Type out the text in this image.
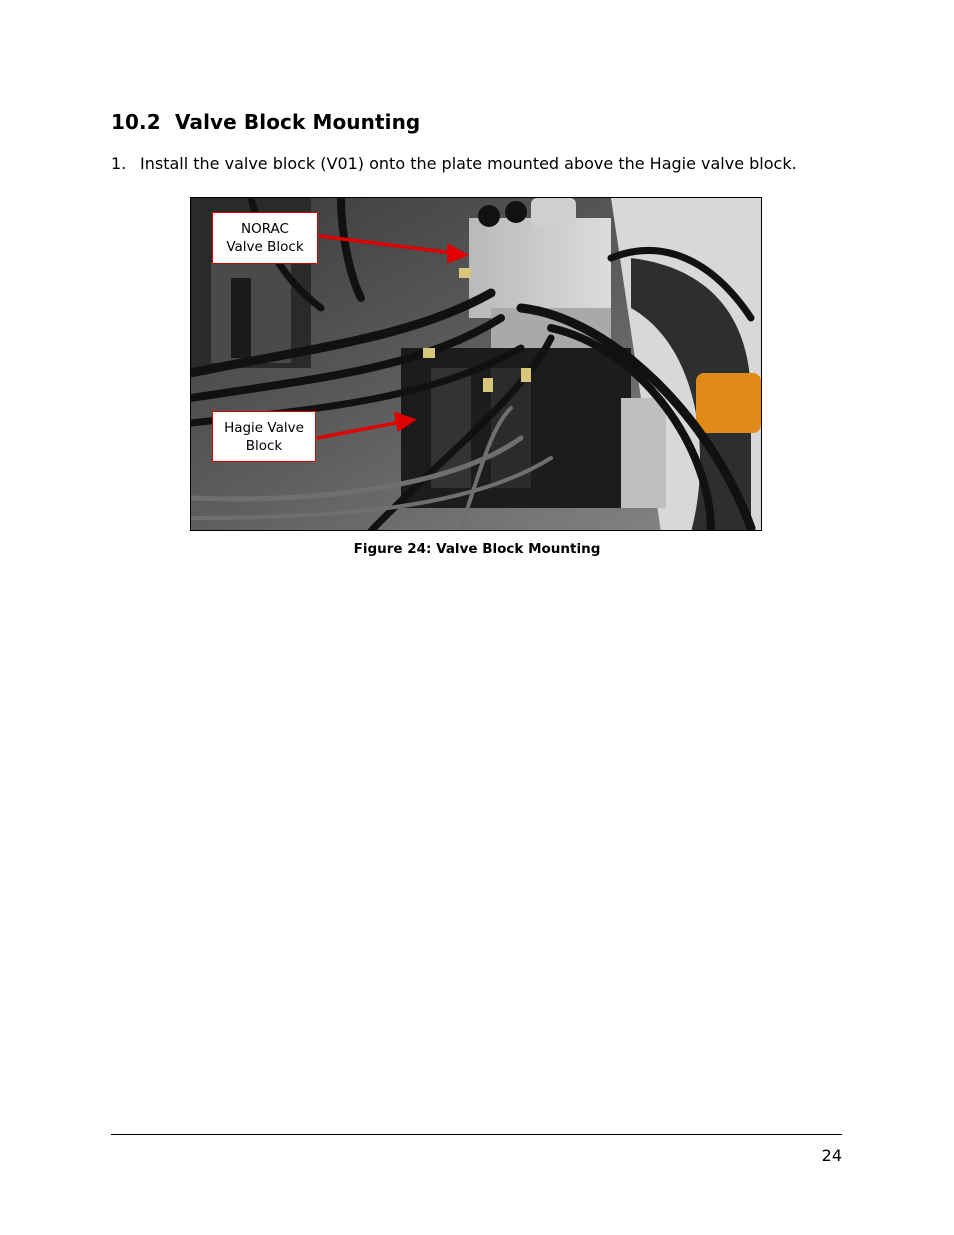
10.2 Valve Block Mounting
1. Install the valve block (V01) onto the plate mounted above the Hagie valve block.
NORAC
Valve Block
Hagie Valve
Block
Figure 24: Valve Block Mounting
24
